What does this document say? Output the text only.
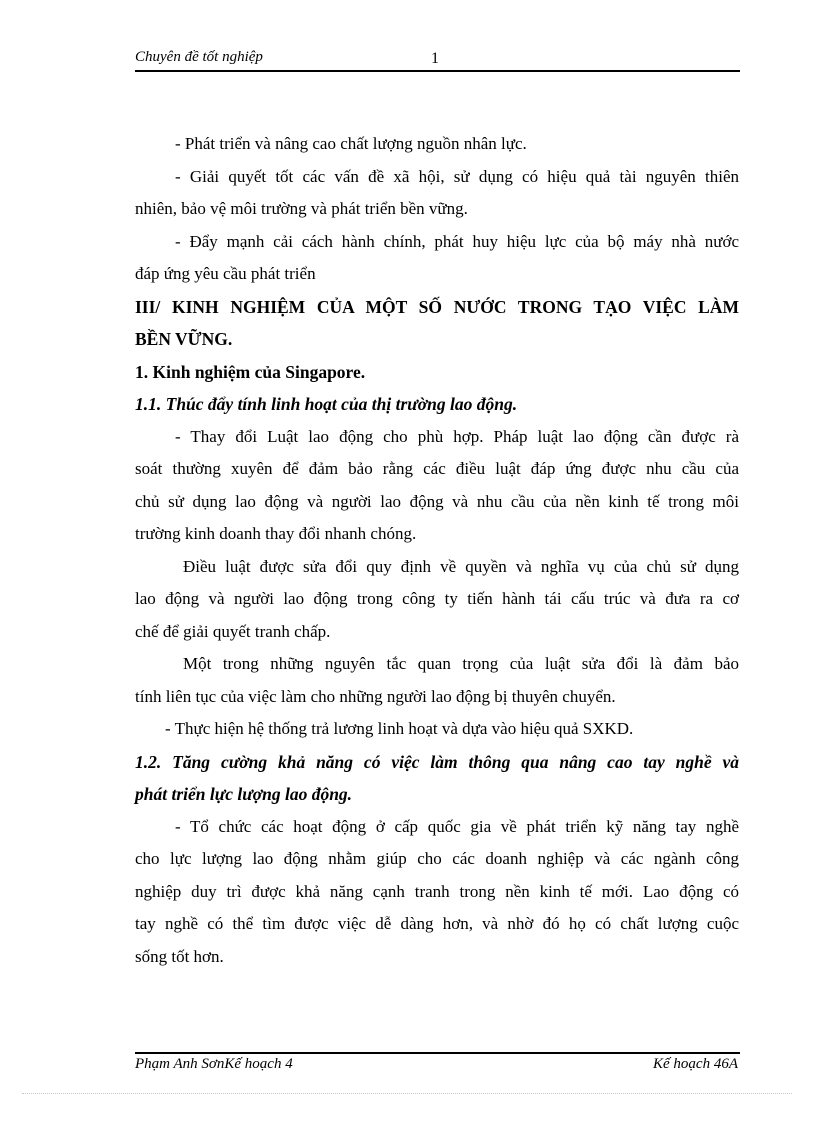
Chuyên đề tốt nghiệp	1
- Phát triển và nâng cao chất lượng nguồn nhân lực.
- Giải quyết tốt các vấn đề xã hội, sử dụng có hiệu quả tài nguyên thiên
nhiên, bảo vệ môi trường và phát triển bền vững.
- Đẩy mạnh cải cách hành chính, phát huy hiệu lực của bộ máy nhà nước
đáp ứng yêu cầu phát triển
III/ KINH NGHIỆM CỦA MỘT SỐ NƯỚC TRONG TẠO VIỆC LÀM
BỀN VỮNG.
1. Kinh nghiệm của Singapore.
1.1. Thúc đẩy tính linh hoạt của thị trường lao động.
- Thay đổi Luật lao động cho phù hợp. Pháp luật lao động cần được rà
soát thường xuyên để đảm bảo rằng các điều luật đáp ứng được nhu cầu của
chủ sử dụng lao động và người lao động và nhu cầu của nền kinh tế trong môi
trường kinh doanh thay đổi nhanh chóng.
Điều luật được sửa đổi quy định về quyền và nghĩa vụ của chủ sử dụng
lao động và người lao động trong công ty tiến hành tái cấu trúc và đưa ra cơ
chế để giải quyết tranh chấp.
Một trong những nguyên tắc quan trọng của luật sửa đổi là đảm bảo
tính liên tục của việc làm cho những người lao động bị thuyên chuyển.
- Thực hiện hệ thống trả lương linh hoạt và dựa vào hiệu quả SXKD.
1.2. Tăng cường khả năng có việc làm thông qua nâng cao tay nghề và
phát triển lực lượng lao động.
- Tổ chức các hoạt động ở cấp quốc gia về phát triển kỹ năng tay nghề
cho lực lượng lao động nhằm giúp cho các doanh nghiệp và các ngành công
nghiệp duy trì được khả năng cạnh tranh trong nền kinh tế mới. Lao động có
tay nghề có thể tìm được việc dễ dàng hơn, và nhờ đó họ có chất lượng cuộc
sống tốt hơn.
Phạm Anh SơnKế hoạch 4	Kế hoạch 46A
